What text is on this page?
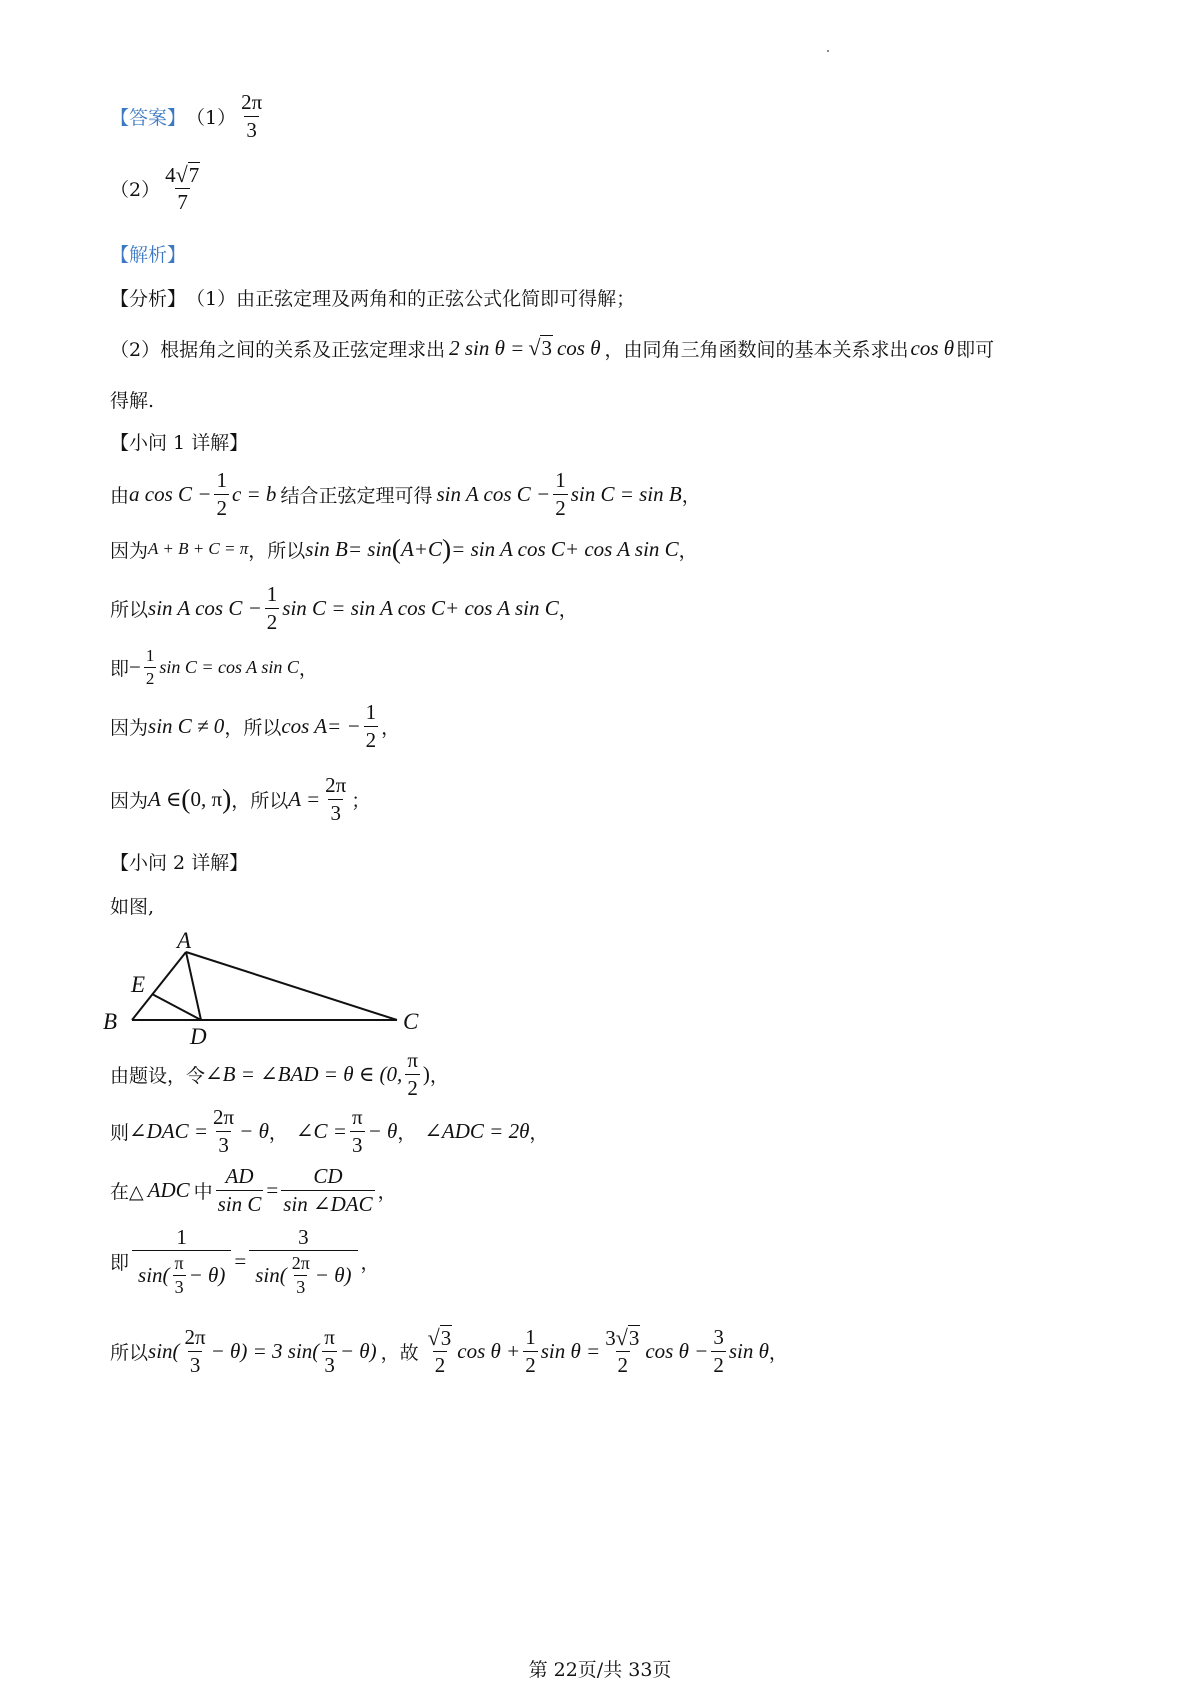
【答案】 $(1) \frac{2\pi}{3}$
$(2) \frac{4 √ 7}{7}$
【解析】
【分析】 （1）由正弦定理及两角和的正弦公式化简即可得解；
（2）根据角之间的关系及正弦定理求出 2 sin θ = √ 3 cos θ ，由同角三角函数间的基本关系求出 cos θ 即可
得解.
【小问 1 详解】
由 a $\cos C - \frac{1}{2}$ c = b 结合正弦定理可得 sin A $\cos C - \frac{1}{2}$ sin C = sin B ，
因为 A + B + C = π ，所以 sin B= sin ( A+C ) = sin A cos C+ cos A sin C ，
所以 sin A $\cos C - \frac{1}{2}$ sin C = sin A cos C+ cos A sin C ，
即 − $\frac{1}{2}$ sin C = cos A sin C ，
因为 sin C ≠ 0 ，所以 $\cos A= - \frac{1}{2}$ ，
因为 A ∈ ( 0, π ) ，所以 $A = \frac{2\pi}{3}$ ；
【小问 2 详解】
如图,
A
E
B
D
C
由题设，令 ∠B = ∠BAD = θ ∈ (0, $\frac{\pi}{2}$ ) ，
则 ∠DAC = $\frac{2\pi}{3} - \theta$ ， ∠C = $\frac{\pi}{3} - \theta$ ， ∠ADC = 2θ ，
在△ ADC 中 $\frac{AD}{\text{sin C}} = \frac{CD}{\text{sin ∠DAC}}$ ，
即 $\frac{1}{\sin( \frac{\pi}{3} - \theta)} = \frac{3}{\sin( \frac{2\pi}{3} - \theta)}$ ，
所以 $\sin( \frac{2\pi}{3} - \theta) = 3$ $\sin( \frac{\pi}{3} - \theta)$ ，故 $\frac{√ 3}{2}$ $\cos \theta + \frac{1}{2}$ $\sin \theta = \frac{3 √ 3}{2}$ $\cos \theta - \frac{3}{2}$ sin θ ，
第 22页/共 33页
